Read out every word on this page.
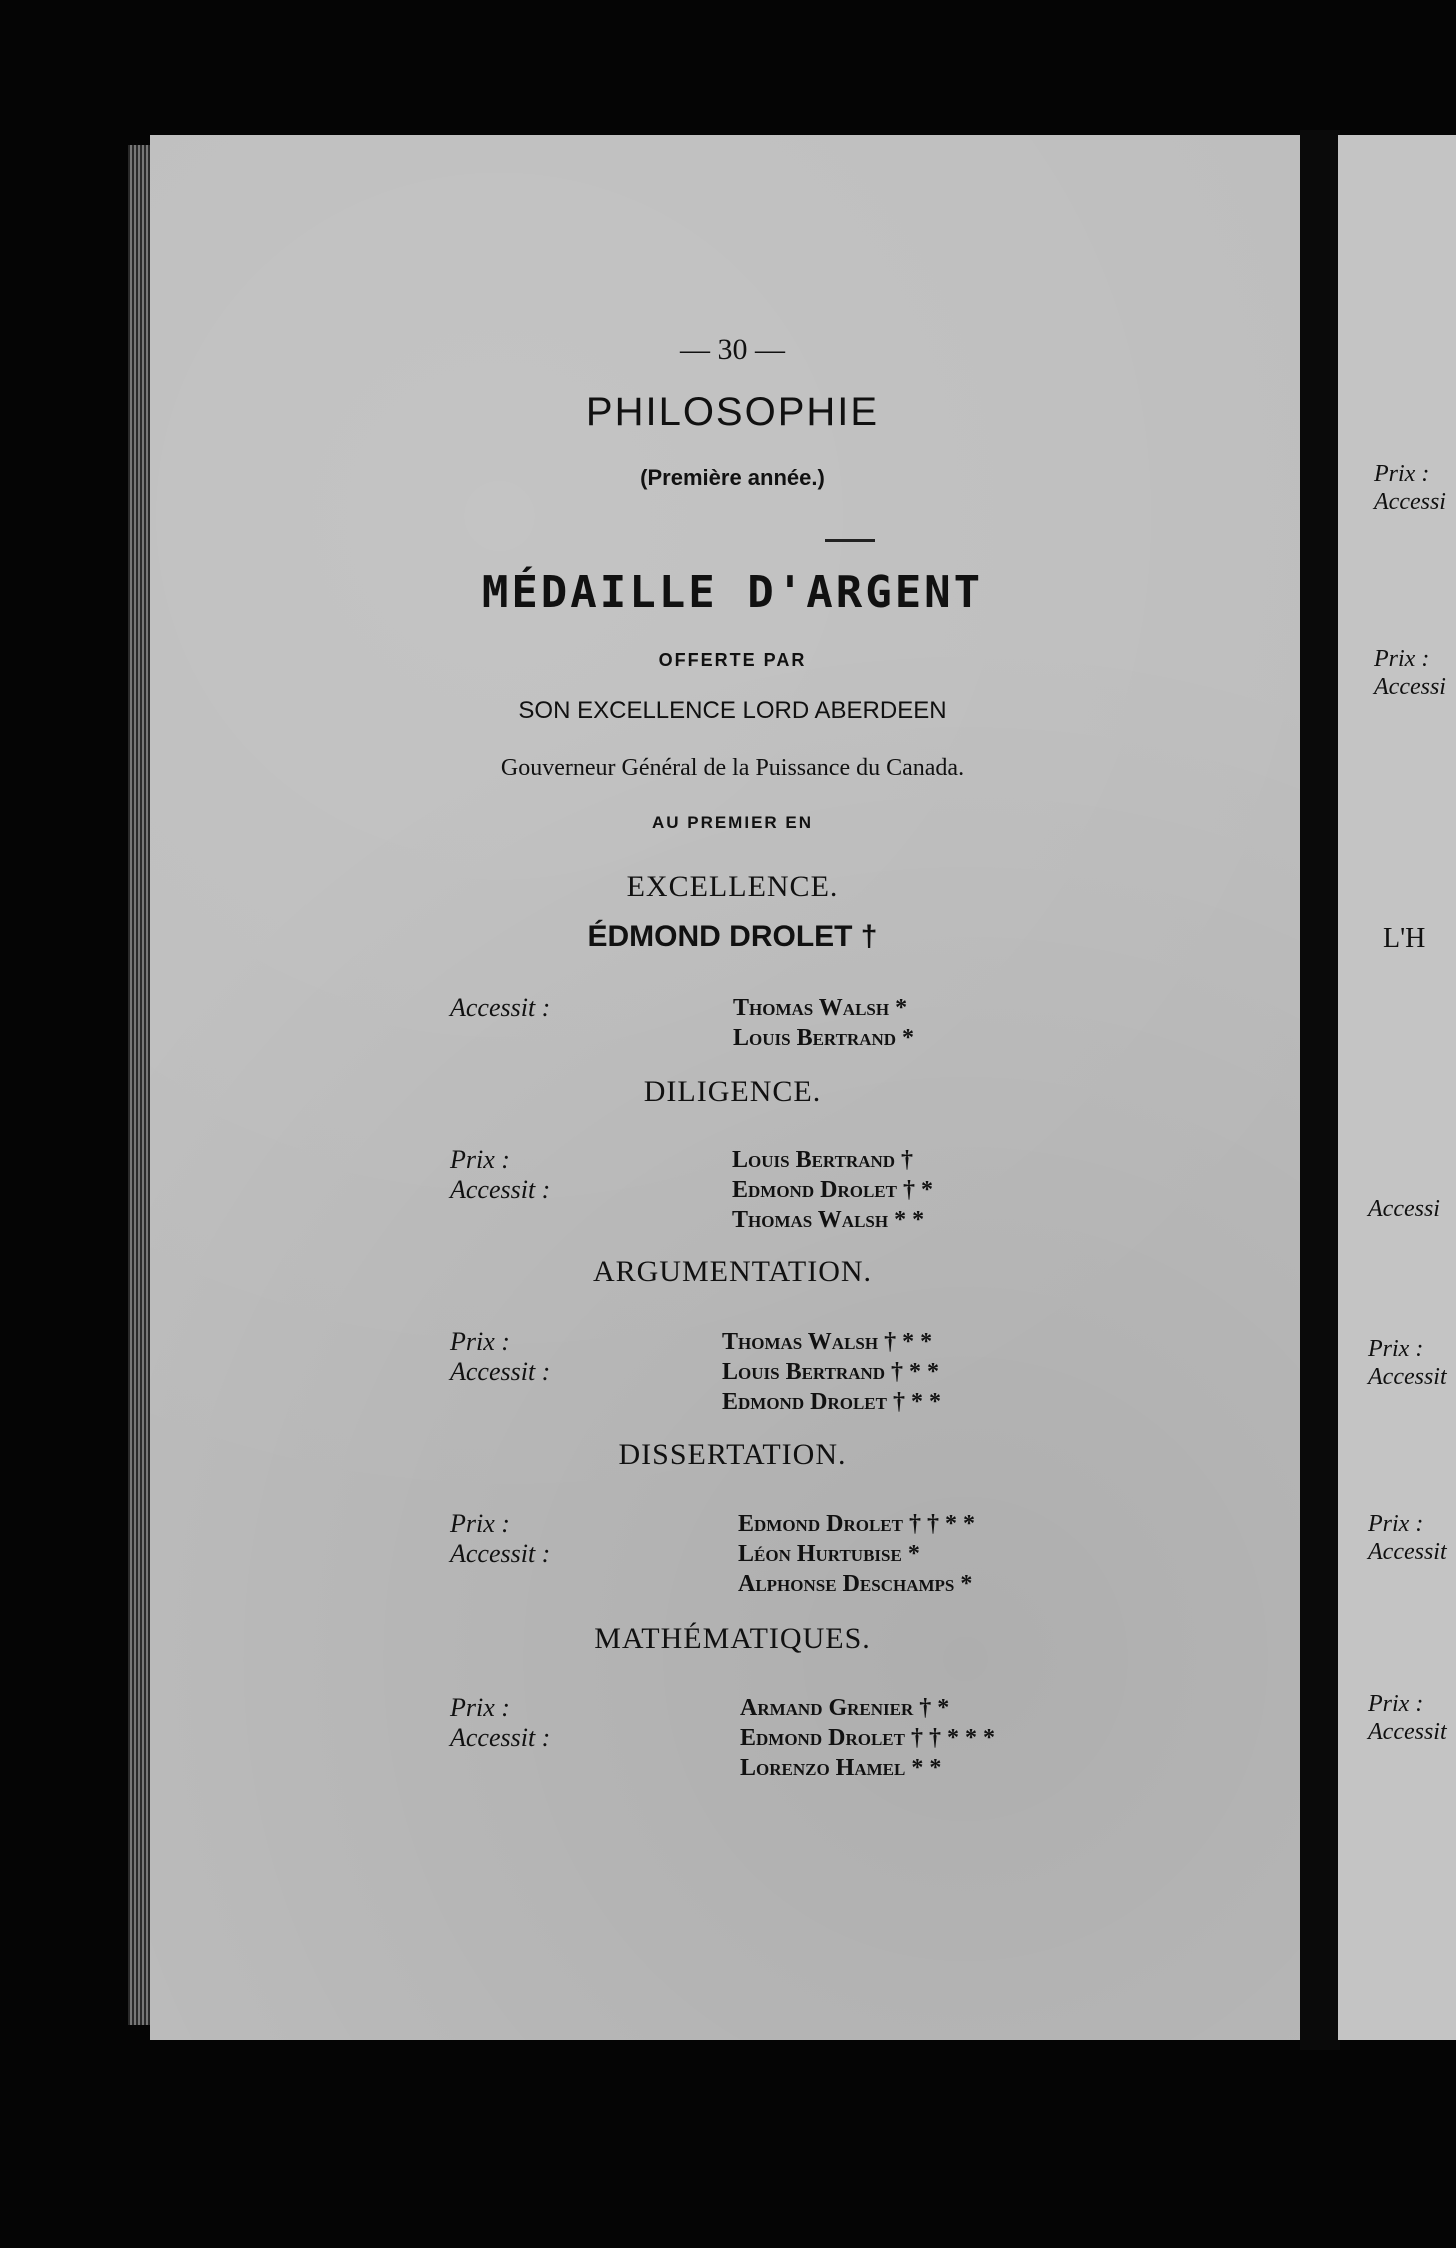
— 30 —
PHILOSOPHIE
(Première année.)
MÉDAILLE D'ARGENT
OFFERTE PAR
SON EXCELLENCE LORD ABERDEEN
Gouverneur Général de la Puissance du Canada.
AU PREMIER EN
EXCELLENCE.
ÉDMOND DROLET †
Accessit :	Thomas Walsh *
Louis Bertrand *
DILIGENCE.
Prix :
Accessit :
Louis Bertrand †
Edmond Drolet † *
Thomas Walsh * *
ARGUMENTATION.
Prix :
Accessit :
Thomas Walsh † * *
Louis Bertrand † * *
Edmond Drolet † * *
DISSERTATION.
Prix :
Accessit :
Edmond Drolet † † * *
Léon Hurtubise *
Alphonse Deschamps *
MATHÉMATIQUES.
Prix :
Accessit :
Armand Grenier † *
Edmond Drolet † † * * *
Lorenzo Hamel * *
Prix :
Accessi
Prix :
Accessi
L'H
Accessi
Prix :
Accessit
Prix :
Accessit
Prix :
Accessit
